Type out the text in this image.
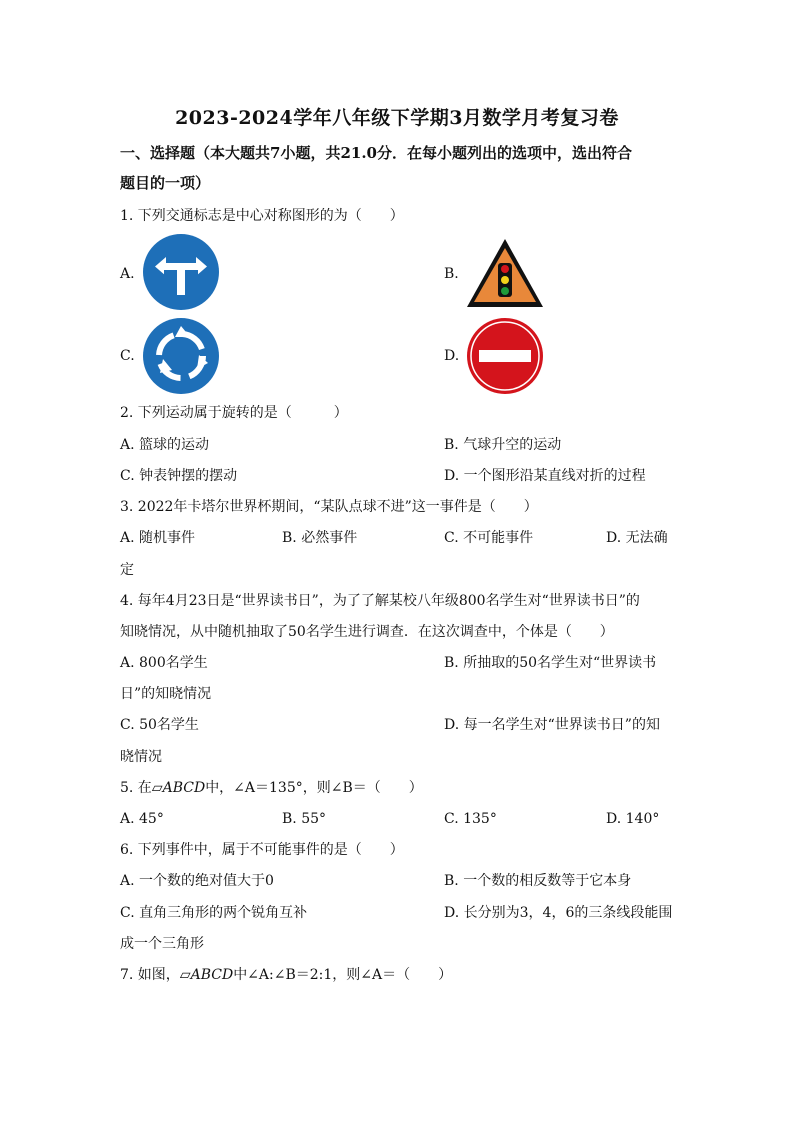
2023-2024学年八年级下学期3月数学月考复习卷
一、选择题（本大题共7小题，共21.0分．在每小题列出的选项中，选出符合
题目的一项）
1. 下列交通标志是中心对称图形的为（　　）
A.	B.
C.	D.
2. 下列运动属于旋转的是（　　　）
A. 篮球的运动	B. 气球升空的运动
C. 钟表钟摆的摆动	D. 一个图形沿某直线对折的过程
3. 2022年卡塔尔世界杯期间，“某队点球不进”这一事件是（　　）
A. 随机事件	B. 必然事件	C. 不可能事件	D. 无法确
定
4. 每年4月23日是“世界读书日”，为了了解某校八年级800名学生对“世界读书日”的
知晓情况，从中随机抽取了50名学生进行调查．在这次调查中，个体是（　　）
A. 800名学生	B. 所抽取的50名学生对“世界读书
日”的知晓情况
C. 50名学生	D. 每一名学生对“世界读书日”的知
晓情况
5. 在▱ABCD中，∠A＝135°，则∠B＝（　　）
A. 45°	B. 55°	C. 135°	D. 140°
6. 下列事件中，属于不可能事件的是（　　）
A. 一个数的绝对值大于0	B. 一个数的相反数等于它本身
C. 直角三角形的两个锐角互补	D. 长分别为3，4，6的三条线段能围
成一个三角形
7. 如图，▱ABCD中∠A:∠B＝2:1，则∠A＝（　　）
